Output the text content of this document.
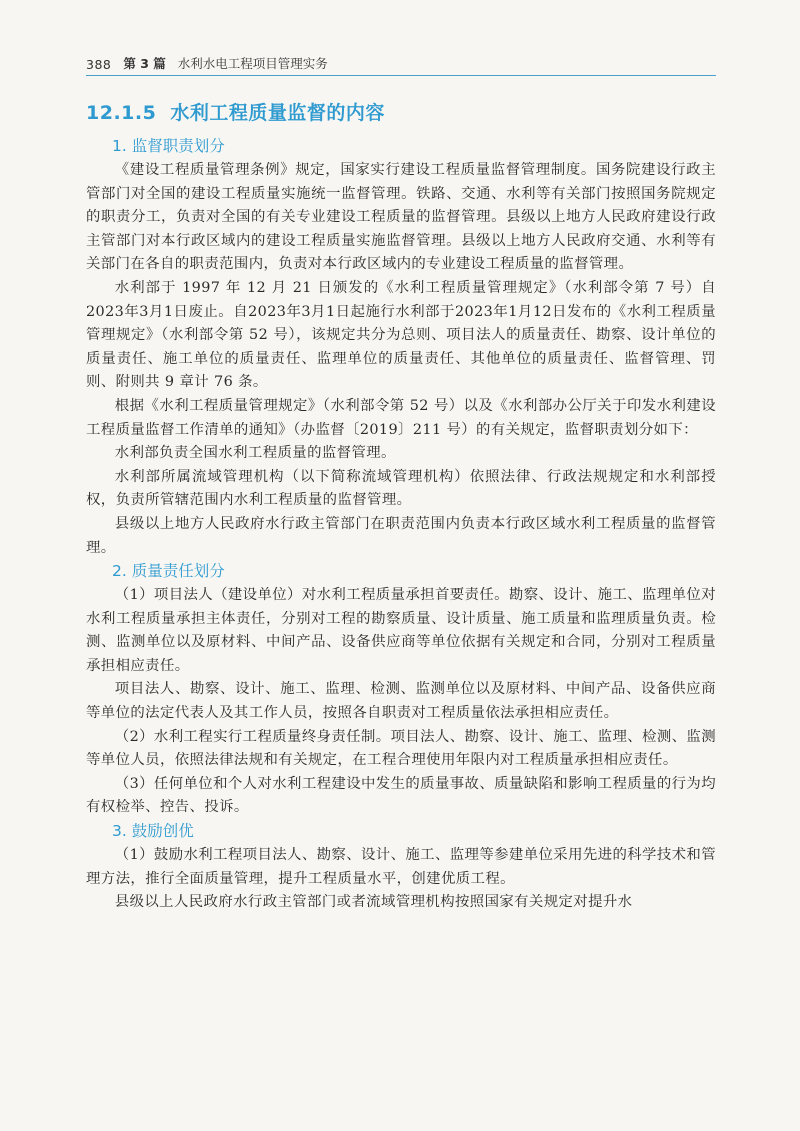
388 第 3 篇 水利水电工程项目管理实务
12.1.5 水利工程质量监督的内容
1. 监督职责划分

《建设工程质量管理条例》规定，国家实行建设工程质量监督管理制度。国务院建设行政主管部门对全国的建设工程质量实施统一监督管理。铁路、交通、水利等有关部门按照国务院规定的职责分工，负责对全国的有关专业建设工程质量的监督管理。县级以上地方人民政府建设行政主管部门对本行政区域内的建设工程质量实施监督管理。县级以上地方人民政府交通、水利等有关部门在各自的职责范围内，负责对本行政区域内的专业建设工程质量的监督管理。

水利部于 1997 年 12 月 21 日颁发的《水利工程质量管理规定》（水利部令第 7 号）自2023年3月1日废止。自2023年3月1日起施行水利部于2023年1月12日发布的《水利工程质量管理规定》（水利部令第 52 号），该规定共分为总则、项目法人的质量责任、勘察、设计单位的质量责任、施工单位的质量责任、监理单位的质量责任、其他单位的质量责任、监督管理、罚则、附则共 9 章计 76 条。

根据《水利工程质量管理规定》（水利部令第 52 号）以及《水利部办公厅关于印发水利建设工程质量监督工作清单的通知》（办监督〔2019〕211 号）的有关规定，监督职责划分如下：

水利部负责全国水利工程质量的监督管理。

水利部所属流域管理机构（以下简称流域管理机构）依照法律、行政法规规定和水利部授权，负责所管辖范围内水利工程质量的监督管理。

县级以上地方人民政府水行政主管部门在职责范围内负责本行政区域水利工程质量的监督管理。

2. 质量责任划分

（1）项目法人（建设单位）对水利工程质量承担首要责任。勘察、设计、施工、监理单位对水利工程质量承担主体责任，分别对工程的勘察质量、设计质量、施工质量和监理质量负责。检测、监测单位以及原材料、中间产品、设备供应商等单位依据有关规定和合同，分别对工程质量承担相应责任。

项目法人、勘察、设计、施工、监理、检测、监测单位以及原材料、中间产品、设备供应商等单位的法定代表人及其工作人员，按照各自职责对工程质量依法承担相应责任。

（2）水利工程实行工程质量终身责任制。项目法人、勘察、设计、施工、监理、检测、监测等单位人员，依照法律法规和有关规定，在工程合理使用年限内对工程质量承担相应责任。

（3）任何单位和个人对水利工程建设中发生的质量事故、质量缺陷和影响工程质量的行为均有权检举、控告、投诉。

3. 鼓励创优

（1）鼓励水利工程项目法人、勘察、设计、施工、监理等参建单位采用先进的科学技术和管理方法，推行全面质量管理，提升工程质量水平，创建优质工程。

县级以上人民政府水行政主管部门或者流域管理机构按照国家有关规定对提升水
